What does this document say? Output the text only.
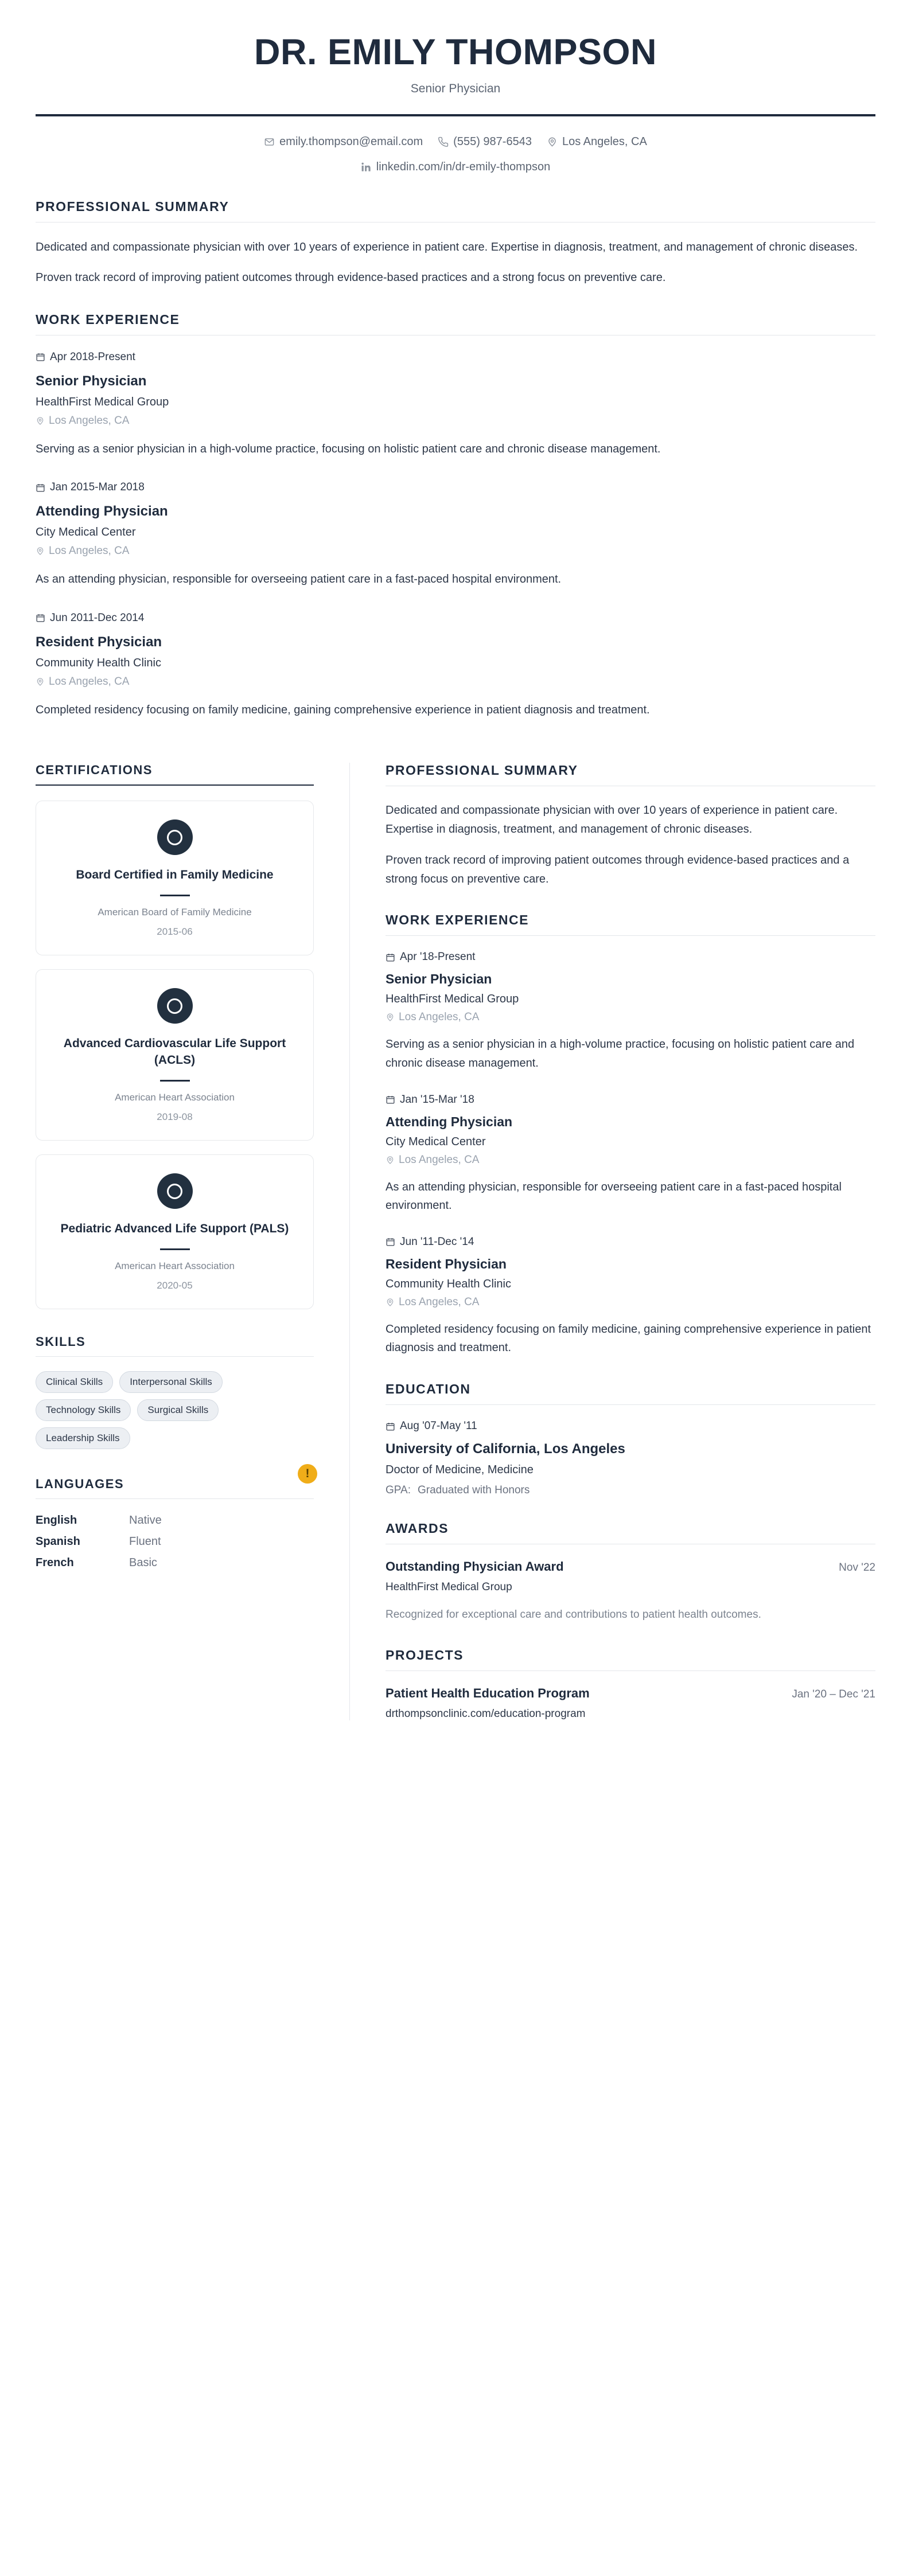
DR. EMILY THOMPSON
Senior Physician
emily.thompson@email.com	(555) 987-6543	Los Angeles, CA
linkedin.com/in/dr-emily-thompson
PROFESSIONAL SUMMARY

Dedicated and compassionate physician with over 10 years of experience in patient care. Expertise in diagnosis, treatment, and management of chronic diseases.

Proven track record of improving patient outcomes through evidence-based practices and a strong focus on preventive care.

WORK EXPERIENCE
Apr 2018-Present
Senior Physician
HealthFirst Medical Group
Los Angeles, CA
Serving as a senior physician in a high-volume practice, focusing on holistic patient care and chronic disease management.
Jan 2015-Mar 2018
Attending Physician
City Medical Center
Los Angeles, CA
As an attending physician, responsible for overseeing patient care in a fast-paced hospital environment.
Jun 2011-Dec 2014
Resident Physician
Community Health Clinic
Los Angeles, CA
Completed residency focusing on family medicine, gaining comprehensive experience in patient diagnosis and treatment.
CERTIFICATIONS
Board Certified in Family Medicine
American Board of Family Medicine
2015-06
Advanced Cardiovascular Life Support (ACLS)
American Heart Association
2019-08
Pediatric Advanced Life Support (PALS)
American Heart Association
2020-05
SKILLS
Clinical Skills	Interpersonal Skills
Technology Skills	Surgical Skills
Leadership Skills
!
LANGUAGES
English	Native
Spanish	Fluent
French	Basic
PROFESSIONAL SUMMARY

Dedicated and compassionate physician with over 10 years of experience in patient care. Expertise in diagnosis, treatment, and management of chronic diseases.

Proven track record of improving patient outcomes through evidence-based practices and a strong focus on preventive care.

WORK EXPERIENCE
Apr '18-Present
Senior Physician
HealthFirst Medical Group
Los Angeles, CA
Serving as a senior physician in a high-volume practice, focusing on holistic patient care and chronic disease management.
Jan '15-Mar '18
Attending Physician
City Medical Center
Los Angeles, CA
As an attending physician, responsible for overseeing patient care in a fast-paced hospital environment.
Jun '11-Dec '14
Resident Physician
Community Health Clinic
Los Angeles, CA
Completed residency focusing on family medicine, gaining comprehensive experience in patient diagnosis and treatment.
EDUCATION
Aug '07-May '11
University of California, Los Angeles
Doctor of Medicine, Medicine
GPA: Graduated with Honors
AWARDS
Outstanding Physician Award	Nov '22
HealthFirst Medical Group
Recognized for exceptional care and contributions to patient health outcomes.
PROJECTS
Patient Health Education Program	Jan '20 – Dec '21
drthompsonclinic.com/education-program
